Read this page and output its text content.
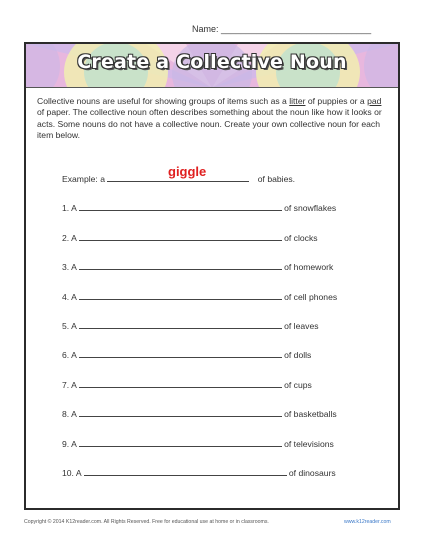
Name: ______________________________
Create a Collective Noun
Collective nouns are useful for showing groups of items such as a litter of puppies or a pad of paper. The collective noun often describes something about the noun like how it looks or acts. Some nouns do not have a collective noun. Create your own collective noun for each item below.
giggle
Example: a	of babies.
1. A	of snowflakes
2. A	of clocks
3. A	of homework
4. A	of cell phones
5. A	of leaves
6. A	of dolls
7. A	of cups
8. A	of basketballs
9. A	of televisions
10. A	of dinosaurs
Copyright © 2014 K12reader.com. All Rights Reserved. Free for educational use at home or in classrooms.	www.k12reader.com
